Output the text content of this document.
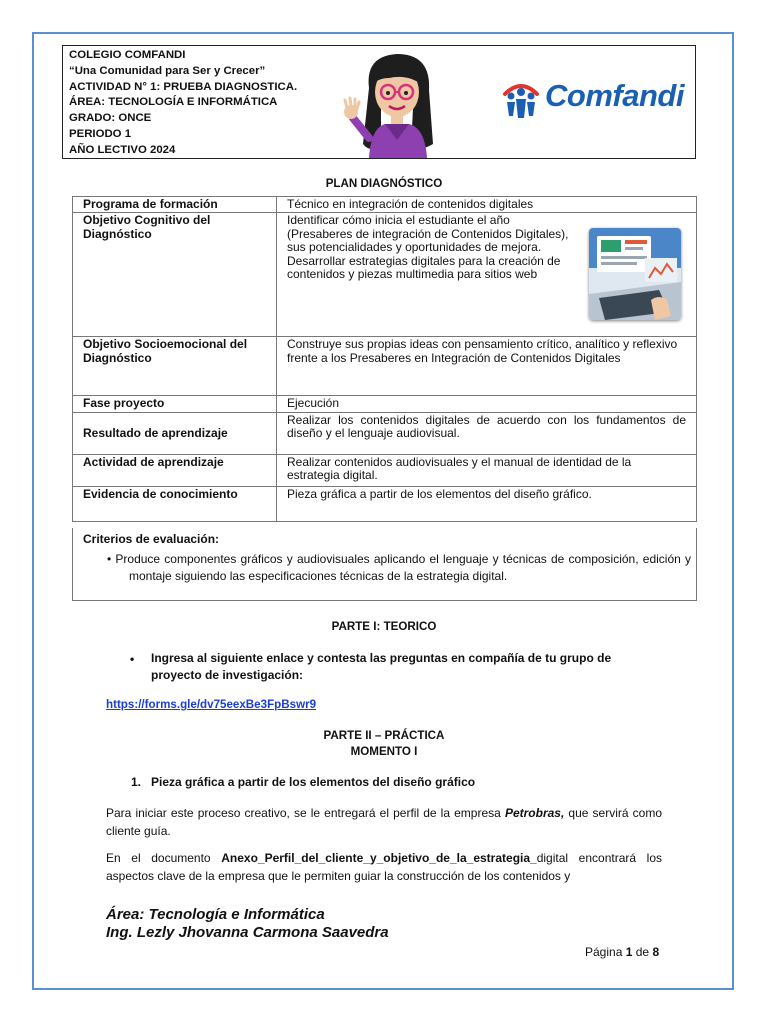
COLEGIO COMFANDI
“Una Comunidad para Ser y Crecer”
ACTIVIDAD N° 1: PRUEBA DIAGNOSTICA.
ÁREA: TECNOLOGÍA E INFORMÁTICA
GRADO: ONCE
PERIODO 1
AÑO LECTIVO 2024
Comfandi
PLAN DIAGNÓSTICO
Programa de formación	Técnico en integración de contenidos digitales
Objetivo Cognitivo del Diagnóstico	Identificar cómo inicia el estudiante el año (Presaberes de integración de Contenidos Digitales), sus potencialidades y oportunidades de mejora. Desarrollar estrategias digitales para la creación de contenidos y piezas multimedia para sitios web

Objetivo Socioemocional del Diagnóstico	Construye sus propias ideas con pensamiento crítico, analítico y reflexivo frente a los Presaberes en Integración de Contenidos Digitales
Fase proyecto	Ejecución
Resultado de aprendizaje	Realizar los contenidos digitales de acuerdo con los fundamentos de diseño y el lenguaje audiovisual.
Actividad de aprendizaje	Realizar contenidos audiovisuales y el manual de identidad de la estrategia digital.
Evidencia de conocimiento	Pieza gráfica a partir de los elementos del diseño gráfico.
Criterios de evaluación:
• Produce componentes gráficos y audiovisuales aplicando el lenguaje y técnicas de composición, edición y montaje siguiendo las especificaciones técnicas de la estrategia digital.
PARTE I: TEORICO
• Ingresa al siguiente enlace y contesta las preguntas en compañía de tu grupo de proyecto de investigación:
https://forms.gle/dv75eexBe3FpBswr9
PARTE II – PRÁCTICA
MOMENTO I
1. Pieza gráfica a partir de los elementos del diseño gráfico
Para iniciar este proceso creativo, se le entregará el perfil de la empresa Petrobras, que servirá como cliente guía.
En el documento Anexo_Perfil_del_cliente_y_objetivo_de_la_estrategia_digital encontrará los aspectos clave de la empresa que le permiten guiar la construcción de los contenidos y
Área: Tecnología e Informática
Ing. Lezly Jhovanna Carmona Saavedra
Página 1 de 8
